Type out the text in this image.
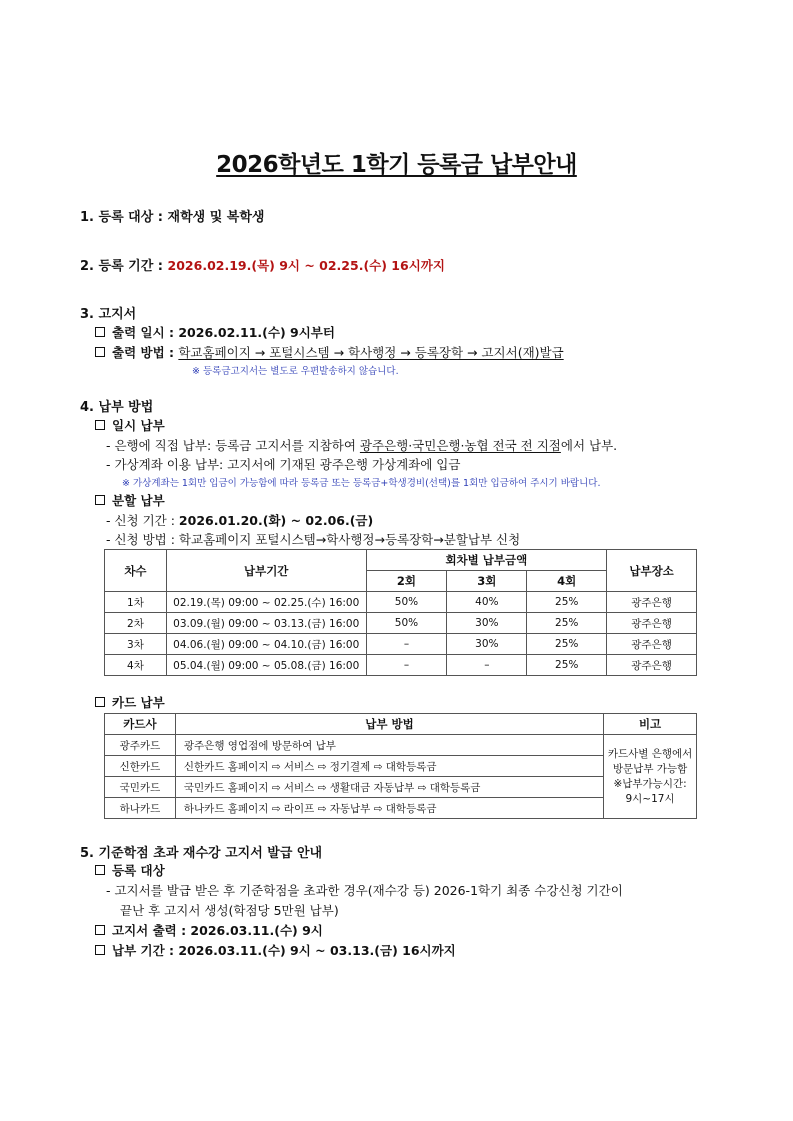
2026학년도 1학기 등록금 납부안내
1. 등록 대상 : 재학생 및 복학생
2. 등록 기간 : 2026.02.19.(목) 9시 ~ 02.25.(수) 16시까지
3. 고지서
출력 일시 : 2026.02.11.(수) 9시부터
출력 방법 : 학교홈페이지 → 포털시스템 → 학사행정 → 등록장학 → 고지서(재)발급
※ 등록금고지서는 별도로 우편발송하지 않습니다.
4. 납부 방법
일시 납부
- 은행에 직접 납부: 등록금 고지서를 지참하여 광주은행·국민은행·농협 전국 전 지점에서 납부.
- 가상계좌 이용 납부: 고지서에 기재된 광주은행 가상계좌에 입금
※ 가상계좌는 1회만 입금이 가능함에 따라 등록금 또는 등록금+학생경비(선택)를 1회만 입금하여 주시기 바랍니다.
분할 납부
- 신청 기간 : 2026.01.20.(화) ~ 02.06.(금)
- 신청 방법 : 학교홈페이지 포털시스템→학사행정→등록장학→분할납부 신청
차수	납부기간	회차별 납부금액			납부장소
		2회	3회	4회	
1차	02.19.(목) 09:00 ~ 02.25.(수) 16:00	50%	40%	25%	광주은행
2차	03.09.(월) 09:00 ~ 03.13.(금) 16:00	50%	30%	25%	광주은행
3차	04.06.(월) 09:00 ~ 04.10.(금) 16:00	–	30%	25%	광주은행
4차	05.04.(월) 09:00 ~ 05.08.(금) 16:00	–	–	25%	광주은행
카드 납부
카드사	납부 방법	비고
광주카드	광주은행 영업점에 방문하여 납부	카드사별 은행에서
방문납부 가능함
※납부가능시간:
9시~17시

신한카드	신한카드 홈페이지 ⇨ 서비스 ⇨ 정기결제 ⇨ 대학등록금	
국민카드	국민카드 홈페이지 ⇨ 서비스 ⇨ 생활대금 자동납부 ⇨ 대학등록금	
하나카드	하나카드 홈페이지 ⇨ 라이프 ⇨ 자동납부 ⇨ 대학등록금	
5. 기준학점 초과 재수강 고지서 발급 안내
등록 대상
- 고지서를 발급 받은 후 기준학점을 초과한 경우(재수강 등) 2026-1학기 최종 수강신청 기간이
끝난 후 고지서 생성(학점당 5만원 납부)
고지서 출력 : 2026.03.11.(수) 9시
납부 기간 : 2026.03.11.(수) 9시 ~ 03.13.(금) 16시까지
